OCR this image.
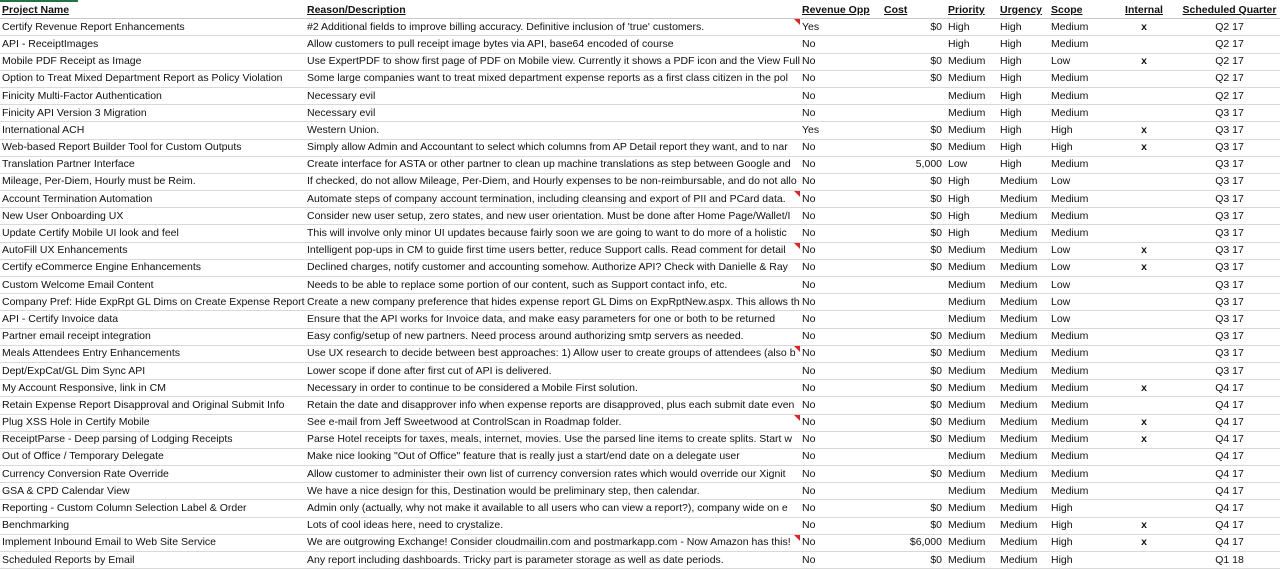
Project Name	Reason/Description	Revenue Opp	Cost	Priority	Urgency	Scope	Internal	Scheduled Quarter
Certify Revenue Report Enhancements	#2 Additional fields to improve billing accuracy. Definitive inclusion of 'true' customers.	Yes	$0	High	High	Medium	x	Q2 17
API - ReceiptImages	Allow customers to pull receipt image bytes via API, base64 encoded of course	No		High	High	Medium		Q2 17
Mobile PDF Receipt as Image	Use ExpertPDF to show first page of PDF on Mobile view. Currently it shows a PDF icon and the View Full	No	$0	Medium	High	Low	x	Q2 17
Option to Treat Mixed Department Report as Policy Violation	Some large companies want to treat mixed department expense reports as a first class citizen in the pol	No	$0	Medium	High	Medium		Q2 17
Finicity Multi-Factor Authentication	Necessary evil	No		Medium	High	Medium		Q2 17
Finicity API Version 3 Migration	Necessary evil	No		Medium	High	Medium		Q3 17
International ACH	Western Union.	Yes	$0	Medium	High	High	x	Q3 17
Web-based Report Builder Tool for Custom Outputs	Simply allow Admin and Accountant to select which columns from AP Detail report they want, and to nar	No	$0	Medium	High	High	x	Q3 17
Translation Partner Interface	Create interface for ASTA or other partner to clean up machine translations as step between Google and	No	5,000	Low	High	Medium		Q3 17
Mileage, Per-Diem, Hourly must be Reim.	If checked, do not allow Mileage, Per-Diem, and Hourly expenses to be non-reimbursable, and do not allo	No	$0	High	Medium	Low		Q3 17
Account Termination Automation	Automate steps of company account termination, including cleansing and export of PII and PCard data.	No	$0	High	Medium	Medium		Q3 17
New User Onboarding UX	Consider new user setup, zero states, and new user orientation. Must be done after Home Page/Wallet/I	No	$0	High	Medium	Medium		Q3 17
Update Certify Mobile UI look and feel	This will involve only minor UI updates because fairly soon we are going to want to do more of a holistic	No	$0	High	Medium	Medium		Q3 17
AutoFill UX Enhancements	Intelligent pop-ups in CM to guide first time users better, reduce Support calls. Read comment for detail	No	$0	Medium	Medium	Low	x	Q3 17
Certify eCommerce Engine Enhancements	Declined charges, notify customer and accounting somehow. Authorize API? Check with Danielle & Ray	No	$0	Medium	Medium	Low	x	Q3 17
Custom Welcome Email Content	Needs to be able to replace some portion of our content, such as Support contact info, etc.	No		Medium	Medium	Low		Q3 17
Company Pref: Hide ExpRpt GL Dims on Create Expense Report	Create a new company preference that hides expense report GL Dims on ExpRptNew.aspx. This allows th	No		Medium	Medium	Low		Q3 17
API - Certify Invoice data	Ensure that the API works for Invoice data, and make easy parameters for one or both to be returned	No		Medium	Medium	Low		Q3 17
Partner email receipt integration	Easy config/setup of new partners. Need process around authorizing smtp servers as needed.	No	$0	Medium	Medium	Medium		Q3 17
Meals Attendees Entry Enhancements	Use UX research to decide between best approaches: 1) Allow user to create groups of attendees (also b	No	$0	Medium	Medium	Medium		Q3 17
Dept/ExpCat/GL Dim Sync API	Lower scope if done after first cut of API is delivered.	No	$0	Medium	Medium	Medium		Q3 17
My Account Responsive, link in CM	Necessary in order to continue to be considered a Mobile First solution.	No	$0	Medium	Medium	Medium	x	Q4 17
Retain Expense Report Disapproval and Original Submit Info	Retain the date and disapprover info when expense reports are disapproved, plus each submit date even	No	$0	Medium	Medium	Medium		Q4 17
Plug XSS Hole in Certify Mobile	See e-mail from Jeff Sweetwood at ControlScan in Roadmap folder.	No	$0	Medium	Medium	Medium	x	Q4 17
ReceiptParse - Deep parsing of Lodging Receipts	Parse Hotel receipts for taxes, meals, internet, movies. Use the parsed line items to create splits. Start w	No	$0	Medium	Medium	Medium	x	Q4 17
Out of Office / Temporary Delegate	Make nice looking "Out of Office" feature that is really just a start/end date on a delegate user	No		Medium	Medium	Medium		Q4 17
Currency Conversion Rate Override	Allow customer to administer their own list of currency conversion rates which would override our Xignit	No	$0	Medium	Medium	Medium		Q4 17
GSA & CPD Calendar View	We have a nice design for this, Destination would be preliminary step, then calendar.	No		Medium	Medium	Medium		Q4 17
Reporting - Custom Column Selection Label & Order	Admin only (actually, why not make it available to all users who can view a report?), company wide on e	No	$0	Medium	Medium	High		Q4 17
Benchmarking	Lots of cool ideas here, need to crystalize.	No	$0	Medium	Medium	High	x	Q4 17
Implement Inbound Email to Web Site Service	We are outgrowing Exchange! Consider cloudmailin.com and postmarkapp.com - Now Amazon has this!	No	$6,000	Medium	Medium	High	x	Q4 17
Scheduled Reports by Email	Any report including dashboards. Tricky part is parameter storage as well as date periods.	No	$0	Medium	Medium	High		Q1 18
